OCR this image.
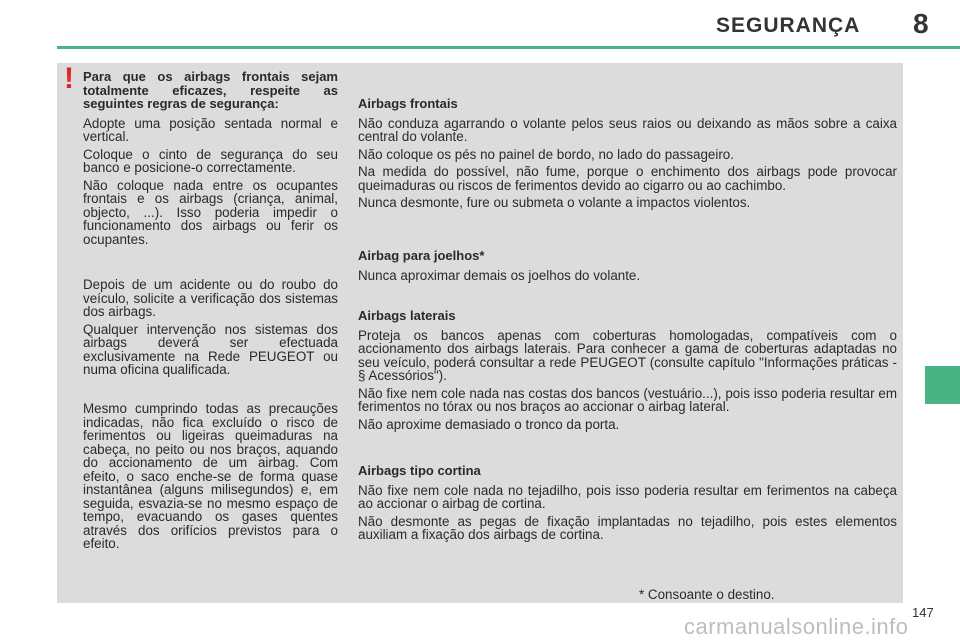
SEGURANÇA 8
! Para que os airbags frontais sejam totalmente eficazes, respeite as seguintes regras de segurança:

Adopte uma posição sentada normal e vertical.

Coloque o cinto de segurança do seu banco e posicione-o correctamente.

Não coloque nada entre os ocupantes frontais e os airbags (criança, animal, objecto, ...). Isso poderia impedir o funcionamento dos airbags ou ferir os ocupantes.

Depois de um acidente ou do roubo do veículo, solicite a verificação dos sistemas dos airbags.

Qualquer intervenção nos sistemas dos airbags deverá ser efectuada exclusivamente na Rede PEUGEOT ou numa oficina qualificada.

Mesmo cumprindo todas as precauções indicadas, não fica excluído o risco de ferimentos ou ligeiras queimaduras na cabeça, no peito ou nos braços, aquando do accionamento de um airbag. Com efeito, o saco enche-se de forma quase instantânea (alguns milisegundos) e, em seguida, esvazia-se no mesmo espaço de tempo, evacuando os gases quentes através dos orifícios previstos para o efeito.

Airbags frontais

Não conduza agarrando o volante pelos seus raios ou deixando as mãos sobre a caixa central do volante.

Não coloque os pés no painel de bordo, no lado do passageiro.

Na medida do possível, não fume, porque o enchimento dos airbags pode provocar queimaduras ou riscos de ferimentos devido ao cigarro ou ao cachimbo.

Nunca desmonte, fure ou submeta o volante a impactos violentos.

Airbag para joelhos*

Nunca aproximar demais os joelhos do volante.

Airbags laterais

Proteja os bancos apenas com coberturas homologadas, compatíveis com o accionamento dos airbags laterais. Para conhecer a gama de coberturas adaptadas no seu veículo, poderá consultar a rede PEUGEOT (consulte capítulo "Informações práticas - § Acessórios").

Não fixe nem cole nada nas costas dos bancos (vestuário...), pois isso poderia resultar em ferimentos no tórax ou nos braços ao accionar o airbag lateral.

Não aproxime demasiado o tronco da porta.

Airbags tipo cortina

Não fixe nem cole nada no tejadilho, pois isso poderia resultar em ferimentos na cabeça ao accionar o airbag de cortina.

Não desmonte as pegas de fixação implantadas no tejadilho, pois estes elementos auxiliam a fixação dos airbags de cortina.

* Consoante o destino.
147
carmanualsonline.info
